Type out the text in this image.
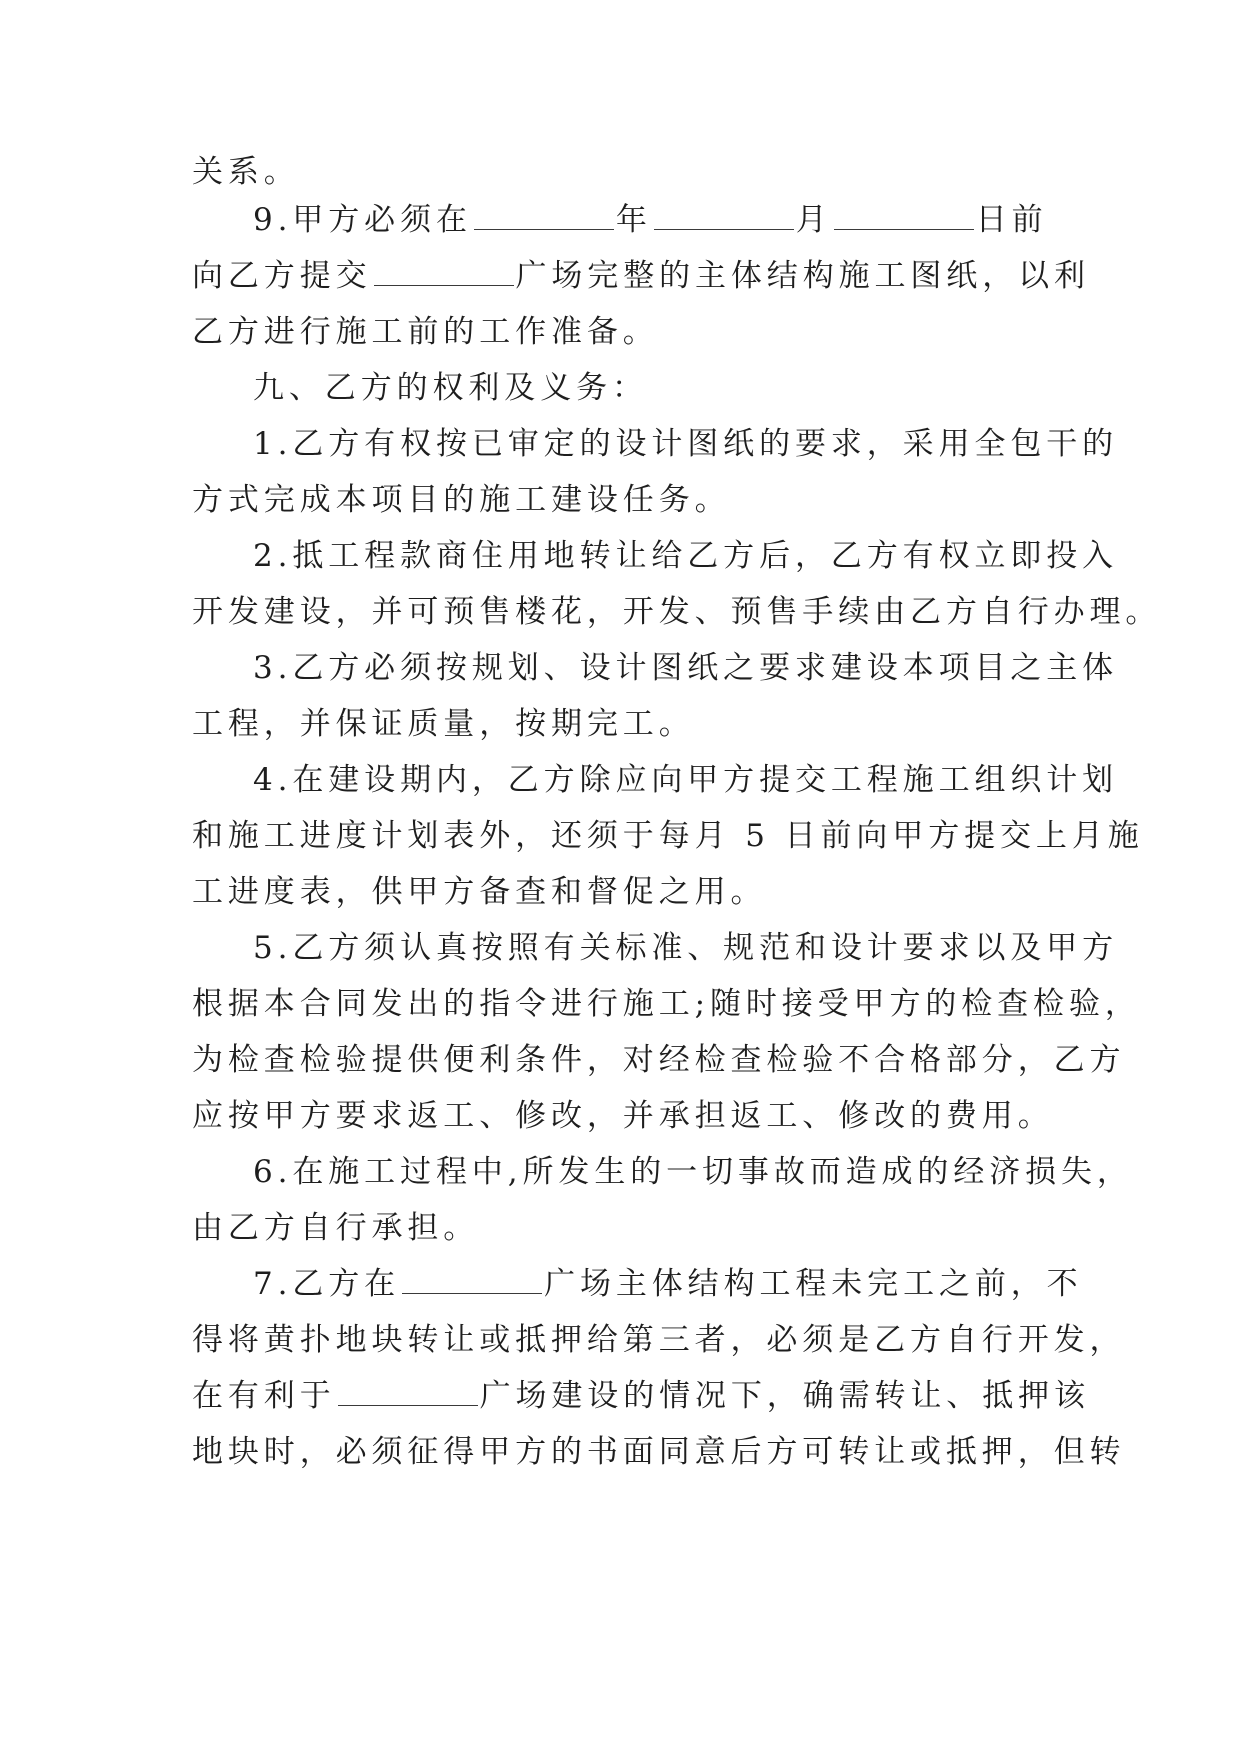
关系。
9.甲方必须在	年	月	日前
向乙方提交	广场完整的主体结构施工图纸，以利
乙方进行施工前的工作准备。
九、乙方的权利及义务：
1.乙方有权按已审定的设计图纸的要求，采用全包干的
方式完成本项目的施工建设任务。
2.抵工程款商住用地转让给乙方后，乙方有权立即投入
开发建设，并可预售楼花，开发、预售手续由乙方自行办理。
3.乙方必须按规划、设计图纸之要求建设本项目之主体
工程，并保证质量，按期完工。
4.在建设期内，乙方除应向甲方提交工程施工组织计划
和施工进度计划表外，还须于每月 5 日前向甲方提交上月施
工进度表，供甲方备查和督促之用。
5.乙方须认真按照有关标准、规范和设计要求以及甲方
根据本合同发出的指令进行施工;随时接受甲方的检查检验，
为检查检验提供便利条件，对经检查检验不合格部分，乙方
应按甲方要求返工、修改，并承担返工、修改的费用。
6.在施工过程中,所发生的一切事故而造成的经济损失，
由乙方自行承担。
7.乙方在	广场主体结构工程未完工之前，不
得将黄扑地块转让或抵押给第三者，必须是乙方自行开发，
在有利于	广场建设的情况下，确需转让、抵押该
地块时，必须征得甲方的书面同意后方可转让或抵押，但转
